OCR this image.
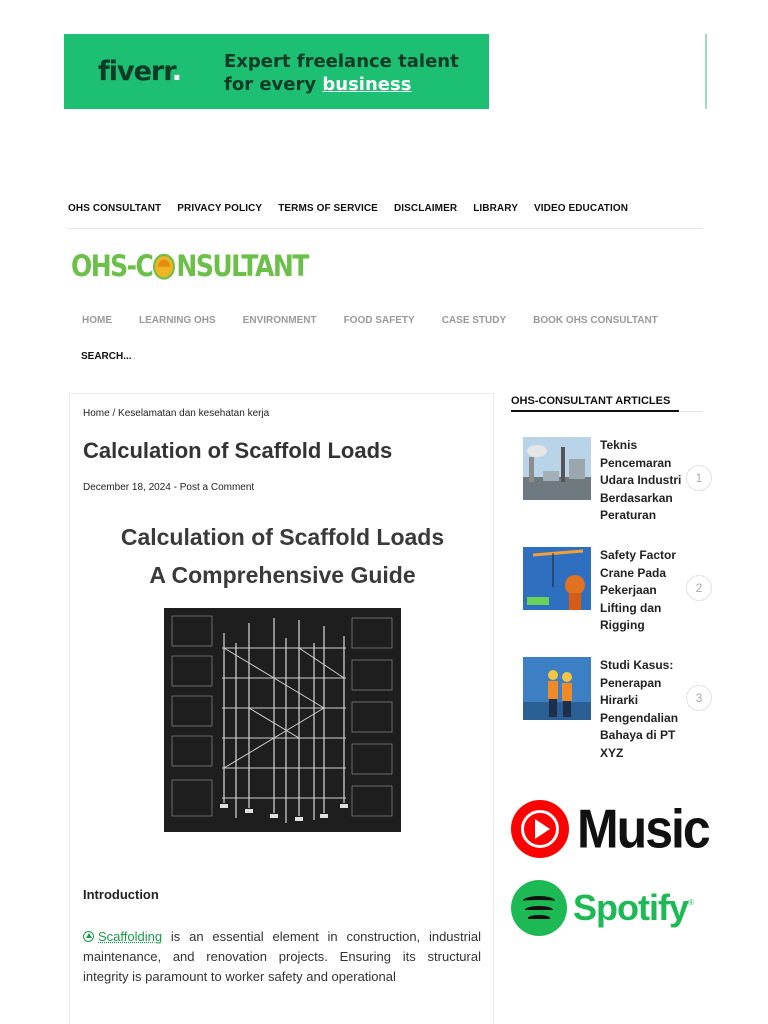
fiverr. Expert freelance talent
for every business
OHS CONSULTANT PRIVACY POLICY TERMS OF SERVICE DISCLAIMER LIBRARY VIDEO EDUCATION
OHS-C NSULTANT
HOME	LEARNING OHS	ENVIRONMENT	FOOD SAFETY	CASE STUDY	BOOK OHS CONSULTANT
SEARCH...
Home / Keselamatan dan kesehatan kerja
Calculation of Scaffold Loads
December 18, 2024 - Post a Comment
Calculation of Scaffold Loads
A Comprehensive Guide
Introduction

Scaffolding is an essential element in construction, industrial maintenance, and renovation projects. Ensuring its structural integrity is paramount to worker safety and operational

OHS-CONSULTANT ARTICLES
Teknis Pencemaran Udara Industri Berdasarkan Peraturan
1
Safety Factor Crane Pada Pekerjaan Lifting dan Rigging
2
Studi Kasus: Penerapan Hirarki Pengendalian Bahaya di PT XYZ
3
Music
Spotify ®
